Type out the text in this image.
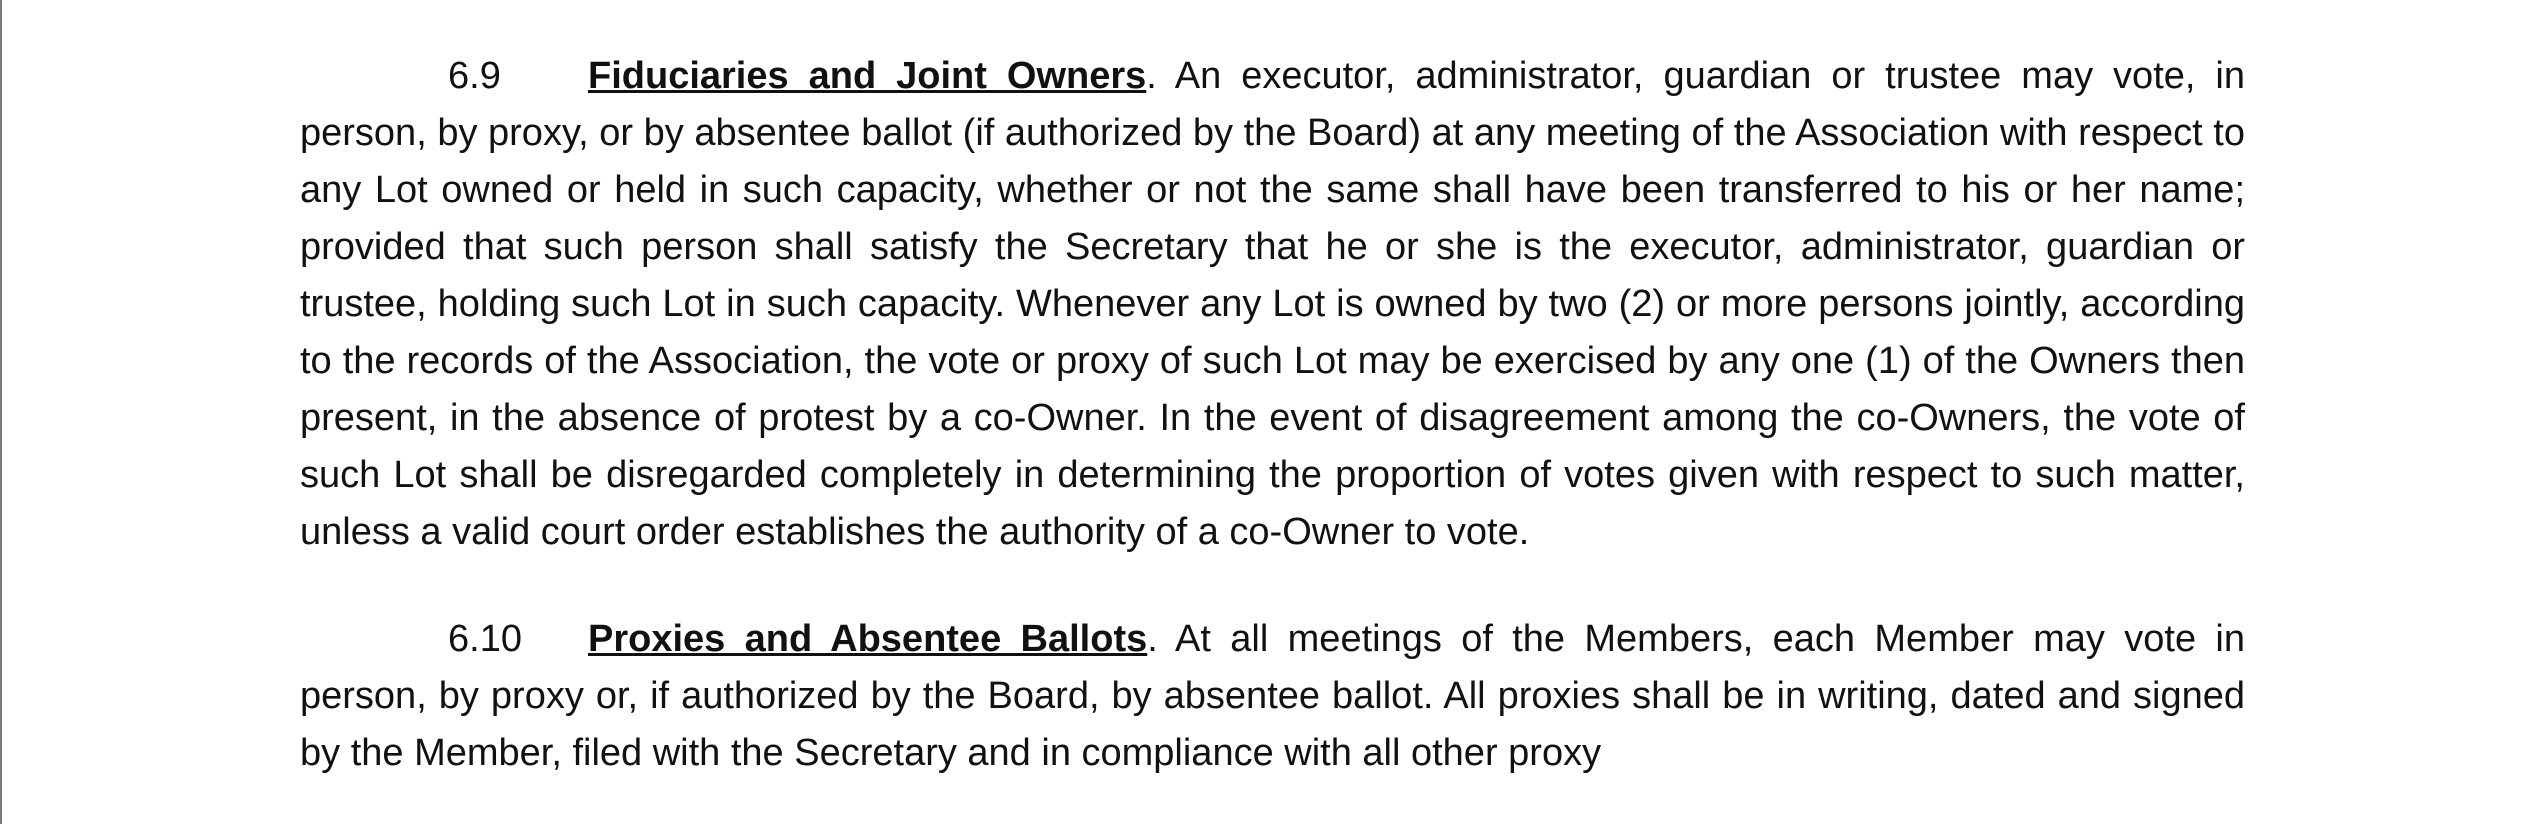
6.9 Fiduciaries and Joint Owners. An executor, administrator, guardian or trustee may vote, in person, by proxy, or by absentee ballot (if authorized by the Board) at any meeting of the Association with respect to any Lot owned or held in such capacity, whether or not the same shall have been transferred to his or her name; provided that such person shall satisfy the Secretary that he or she is the executor, administrator, guardian or trustee, holding such Lot in such capacity. Whenever any Lot is owned by two (2) or more persons jointly, according to the records of the Association, the vote or proxy of such Lot may be exercised by any one (1) of the Owners then present, in the absence of protest by a co-Owner. In the event of disagreement among the co-Owners, the vote of such Lot shall be disregarded completely in determining the proportion of votes given with respect to such matter, unless a valid court order establishes the authority of a co-Owner to vote.

6.10 Proxies and Absentee Ballots. At all meetings of the Members, each Member may vote in person, by proxy or, if authorized by the Board, by absentee ballot. All proxies shall be in writing, dated and signed by the Member, filed with the Secretary and in compliance with all other proxy
